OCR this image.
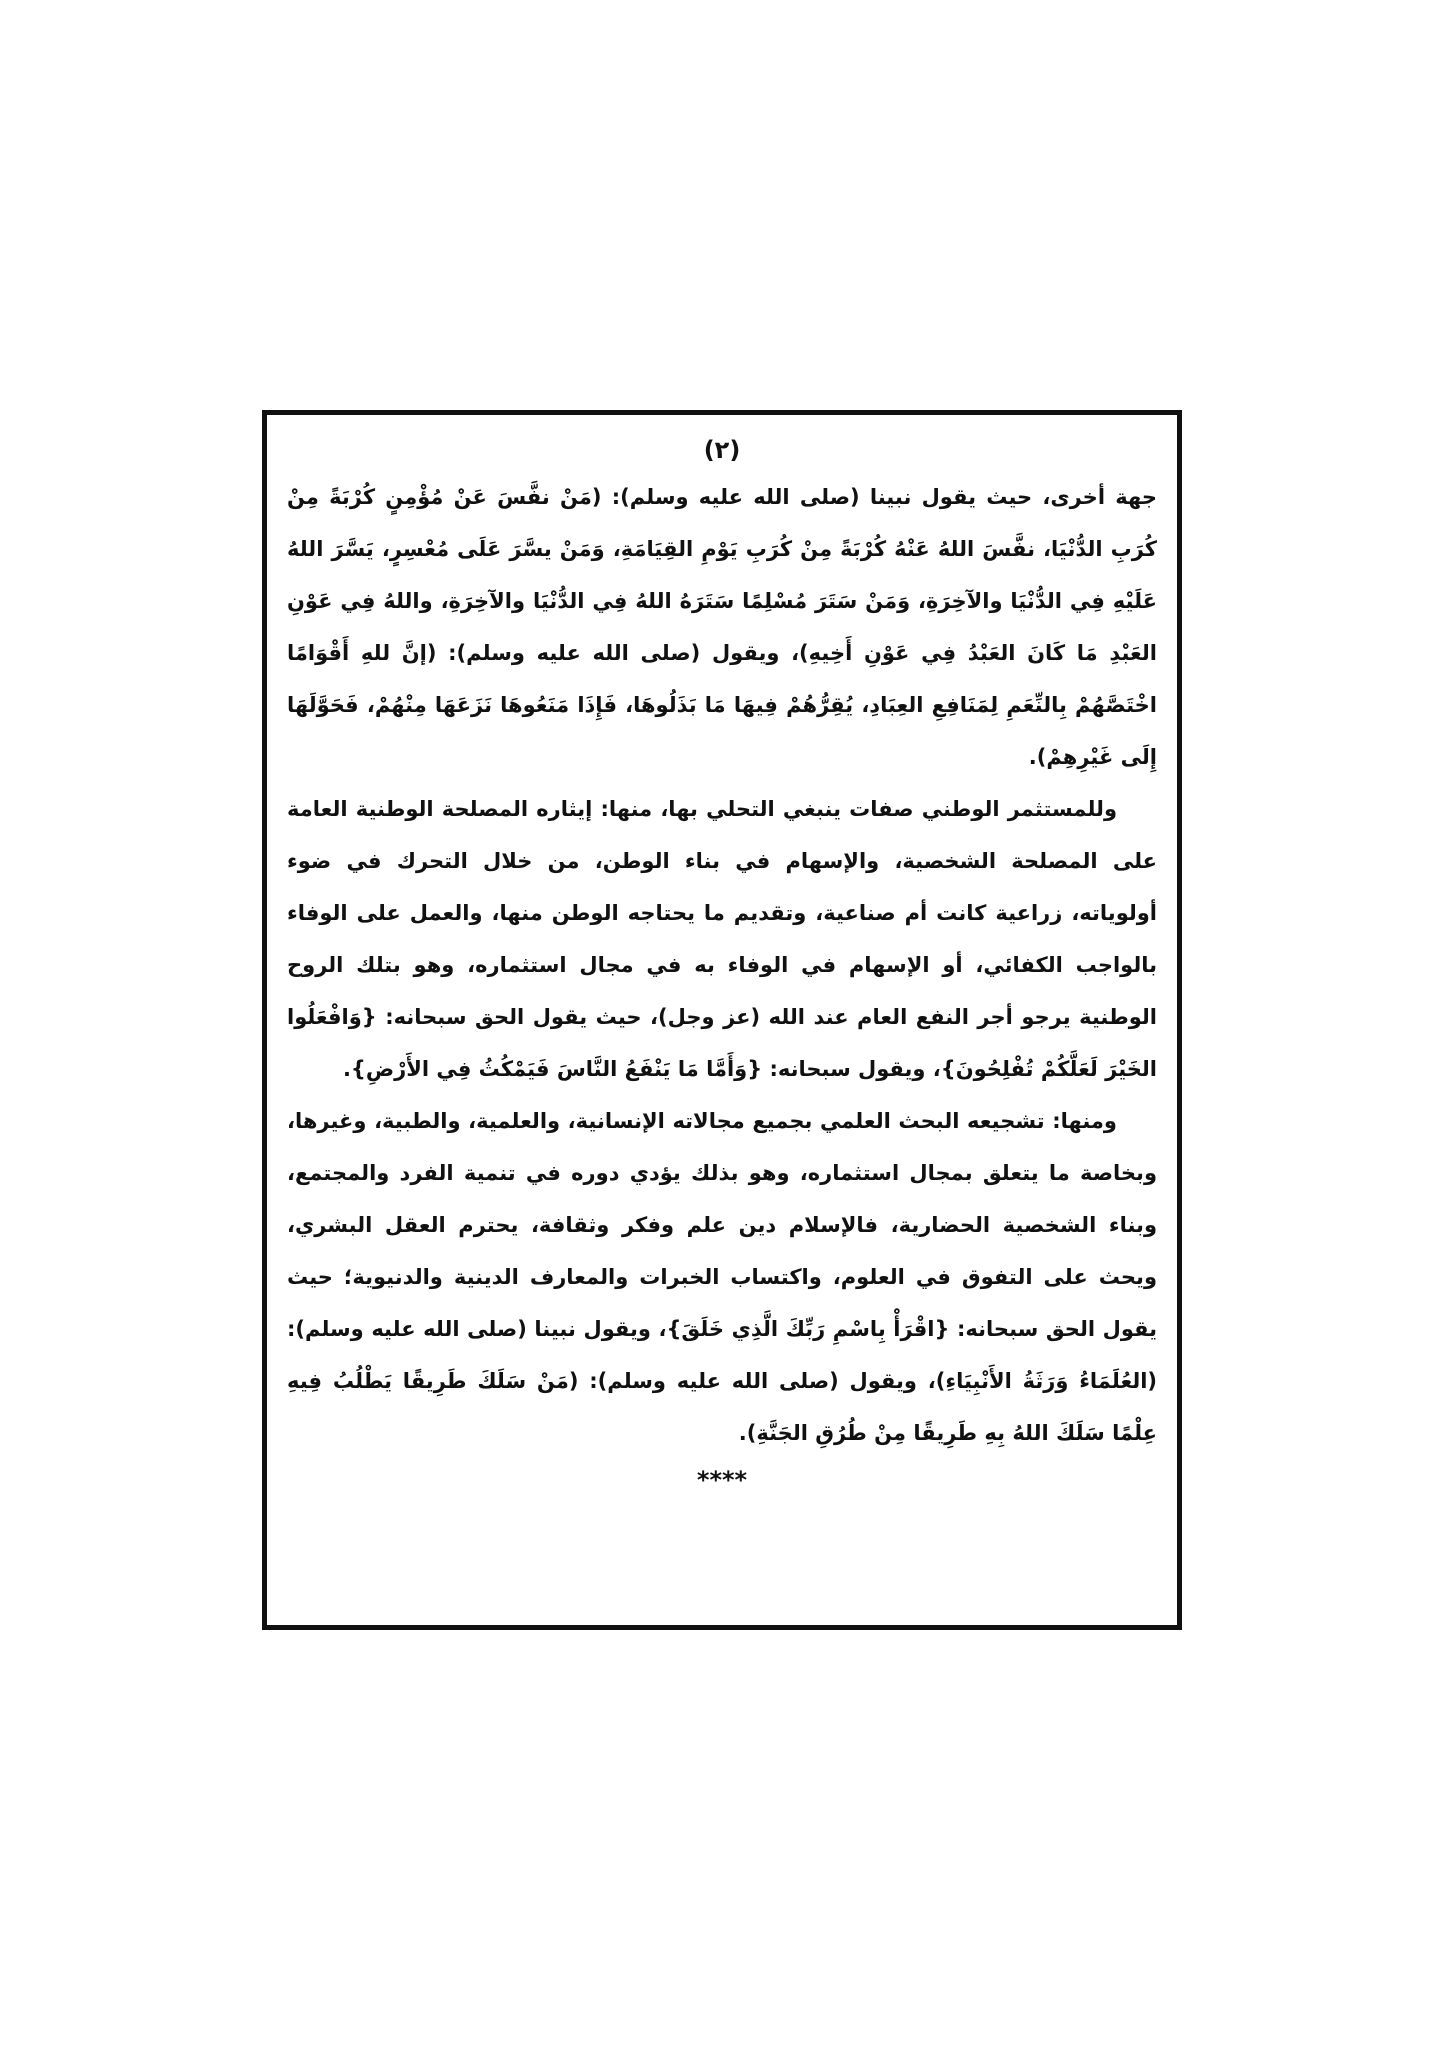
(٢)

جهة أخرى، حيث يقول نبينا (صلى الله عليه وسلم): (مَنْ نفَّسَ عَنْ مُؤْمِنٍ كُرْبَةً مِنْ كُرَبِ الدُّنْيَا، نفَّسَ اللهُ عَنْهُ كُرْبَةً مِنْ كُرَبِ يَوْمِ القِيَامَةِ، وَمَنْ يسَّرَ عَلَى مُعْسِرٍ، يَسَّرَ اللهُ عَلَيْهِ فِي الدُّنْيَا والآخِرَةِ، وَمَنْ سَتَرَ مُسْلِمًا سَتَرَهُ اللهُ فِي الدُّنْيَا والآخِرَةِ، واللهُ فِي عَوْنِ العَبْدِ مَا كَانَ العَبْدُ فِي عَوْنِ أَخِيهِ)، ويقول (صلى الله عليه وسلم): (إنَّ للهِ أَقْوَامًا اخْتَصَّهُمْ بِالنِّعَمِ لِمَنَافِعِ العِبَادِ، يُقِرُّهُمْ فِيهَا مَا بَذَلُوهَا، فَإِذَا مَنَعُوهَا نَزَعَهَا مِنْهُمْ، فَحَوَّلَهَا إِلَى غَيْرِهِمْ).

وللمستثمر الوطني صفات ينبغي التحلي بها، منها: إيثاره المصلحة الوطنية العامة على المصلحة الشخصية، والإسهام في بناء الوطن، من خلال التحرك في ضوء أولوياته، زراعية كانت أم صناعية، وتقديم ما يحتاجه الوطن منها، والعمل على الوفاء بالواجب الكفائي، أو الإسهام في الوفاء به في مجال استثماره، وهو بتلك الروح الوطنية يرجو أجر النفع العام عند الله (عز وجل)، حيث يقول الحق سبحانه: {وَافْعَلُوا الخَيْرَ لَعَلَّكُمْ تُفْلِحُونَ}، ويقول سبحانه: {وَأَمَّا مَا يَنْفَعُ النَّاسَ فَيَمْكُثُ فِي الأَرْضِ}.

ومنها: تشجيعه البحث العلمي بجميع مجالاته الإنسانية، والعلمية، والطبية، وغيرها، وبخاصة ما يتعلق بمجال استثماره، وهو بذلك يؤدي دوره في تنمية الفرد والمجتمع، وبناء الشخصية الحضارية، فالإسلام دين علم وفكر وثقافة، يحترم العقل البشري، ويحث على التفوق في العلوم، واكتساب الخبرات والمعارف الدينية والدنيوية؛ حيث يقول الحق سبحانه: {اقْرَأْ بِاسْمِ رَبِّكَ الَّذِي خَلَقَ}، ويقول نبينا (صلى الله عليه وسلم): (العُلَمَاءُ وَرَثَةُ الأَنْبِيَاءِ)، ويقول (صلى الله عليه وسلم): (مَنْ سَلَكَ طَرِيقًا يَطْلُبُ فِيهِ عِلْمًا سَلَكَ اللهُ بِهِ طَرِيقًا مِنْ طُرُقِ الجَنَّةِ).

****
